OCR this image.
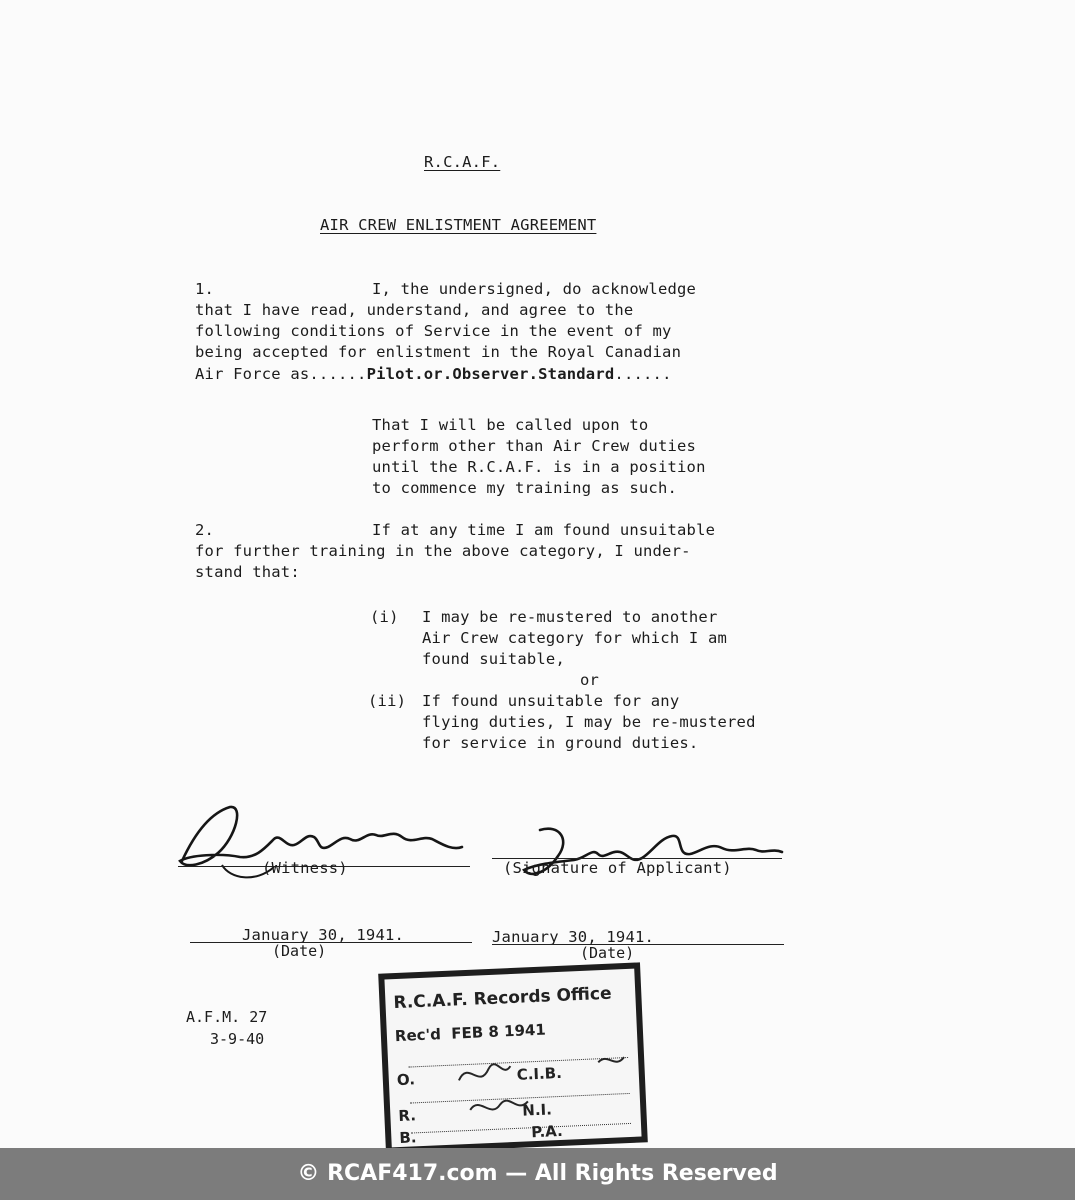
R.C.A.F.
AIR CREW ENLISTMENT AGREEMENT
1.	I, the undersigned, do acknowledge
that I have read, understand, and agree to the
following conditions of Service in the event of my
being accepted for enlistment in the Royal Canadian
Air Force as......Pilot.or.Observer.Standard......
That I will be called upon to
perform other than Air Crew duties
until the R.C.A.F. is in a position
to commence my training as such.
2.	If at any time I am found unsuitable
for further training in the above category, I under-
stand that:
(i) I may be re-mustered to another
Air Crew category for which I am
found suitable,
or
(ii) If found unsuitable for any
flying duties, I may be re-mustered
for service in ground duties.
(Witness)	(Signature of Applicant)
January 30, 1941.
(Date)
January 30, 1941.
(Date)
A.F.M. 27
3-9-40
R.C.A.F. Records Office
Rec'd FEB 8 1941
O.	C.I.B.
R.	N.I.
B.	P.A.
© RCAF417.com — All Rights Reserved
